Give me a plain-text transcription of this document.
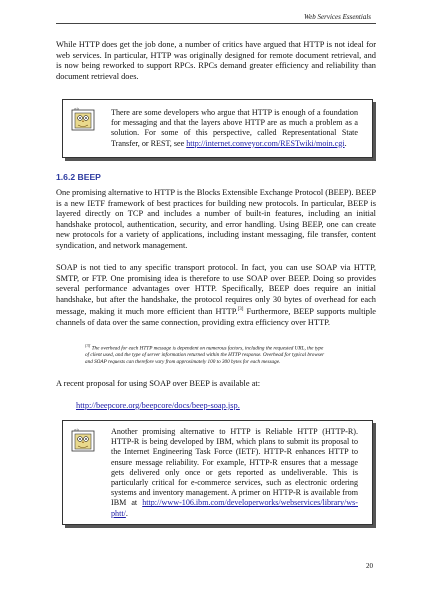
Web Services Essentials

While HTTP does get the job done, a number of critics have argued that HTTP is not ideal for web services. In particular, HTTP was originally designed for remote document retrieval, and is now being reworked to support RPCs. RPCs demand greater efficiency and reliability than document retrieval does.

ot h	There are some developers who argue that HTTP is enough of a foundation for messaging and that the layers above HTTP are as much a problem as a solution. For some of this perspective, called Representational State Transfer, or REST, see http://internet.conveyor.com/RESTwiki/moin.cgi.

1.6.2 BEEP

One promising alternative to HTTP is the Blocks Extensible Exchange Protocol (BEEP). BEEP is a new IETF framework of best practices for building new protocols. In particular, BEEP is layered directly on TCP and includes a number of built-in features, including an initial handshake protocol, authentication, security, and error handling. Using BEEP, one can create new protocols for a variety of applications, including instant messaging, file transfer, content syndication, and network management.

SOAP is not tied to any specific transport protocol. In fact, you can use SOAP via HTTP, SMTP, or FTP. One promising idea is therefore to use SOAP over BEEP. Doing so provides several performance advantages over HTTP. Specifically, BEEP does require an initial handshake, but after the handshake, the protocol requires only 30 bytes of overhead for each message, making it much more efficient than HTTP.[3] Furthermore, BEEP supports multiple channels of data over the same connection, providing extra efficiency over HTTP.

[3] The overhead for each HTTP message is dependent on numerous factors, including the requested URL, the type of client used, and the type of server information returned within the HTTP response. Overhead for typical browser and SOAP requests can therefore vary from approximately 100 to 300 bytes for each message.

A recent proposal for using SOAP over BEEP is available at:

http://beepcore.org/beepcore/docs/beep-soap.jsp.

ot h	Another promising alternative to HTTP is Reliable HTTP (HTTP-R). HTTP-R is being developed by IBM, which plans to submit its proposal to the Internet Engineering Task Force (IETF). HTTP-R enhances HTTP to ensure message reliability. For example, HTTP-R ensures that a message gets delivered only once or gets reported as undeliverable. This is particularly critical for e-commerce services, such as electronic ordering systems and inventory management. A primer on HTTP-R is available from IBM at http://www-106.ibm.com/developerworks/webservices/library/ws-phtt/.

20
